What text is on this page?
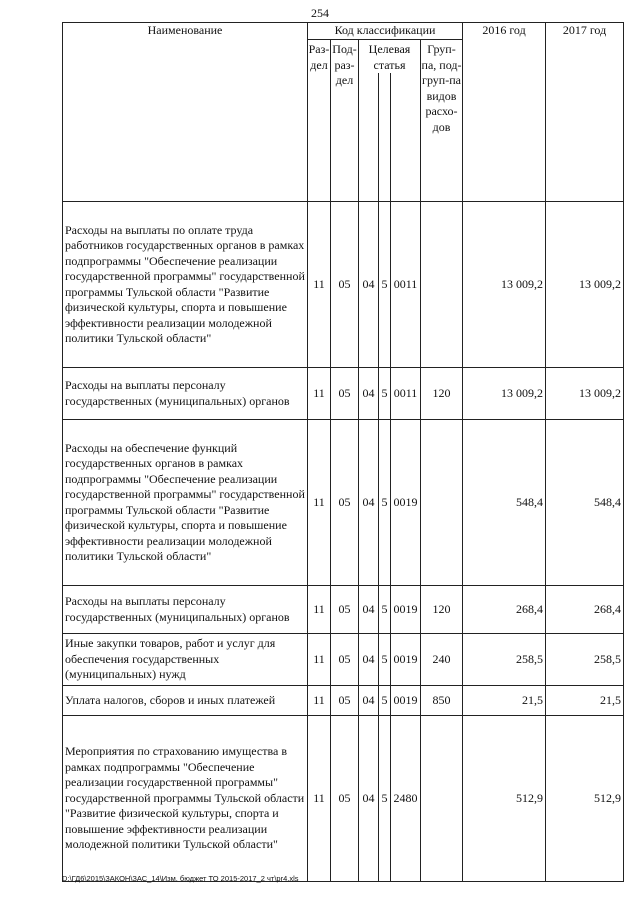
254
Наименование	Код классификации						2016 год	2017 год
	Раз-дел	Под-раз-дел	Целевая статья			Груп-па, под-груп-па видов расхо-дов		

Расходы на выплаты по оплате труда работников государственных органов в рамках подпрограммы "Обеспечение реализации государственной программы" государственной программы Тульской области "Развитие физической культуры, спорта и повышение эффективности реализации молодежной политики Тульской области"	11	05	04	5	0011		13 009,2	13 009,2
Расходы на выплаты персоналу государственных (муниципальных) органов	11	05	04	5	0011	120	13 009,2	13 009,2
Расходы на обеспечение функций государственных органов в рамках подпрограммы "Обеспечение реализации государственной программы" государственной программы Тульской области "Развитие физической культуры, спорта и повышение эффективности реализации молодежной политики Тульской области"	11	05	04	5	0019		548,4	548,4
Расходы на выплаты персоналу государственных (муниципальных) органов	11	05	04	5	0019	120	268,4	268,4
Иные закупки товаров, работ и услуг для обеспечения государственных (муниципальных) нужд	11	05	04	5	0019	240	258,5	258,5
Уплата налогов, сборов и иных платежей	11	05	04	5	0019	850	21,5	21,5
Мероприятия по страхованию имущества в рамках подпрограммы "Обеспечение реализации государственной программы" государственной программы Тульской области "Развитие физической культуры, спорта и повышение эффективности реализации молодежной политики Тульской области"	11	05	04	5	2480		512,9	512,9
D:\ГД6\2015\ЗАКОН\ЗАС_14\Изм. бюджет ТО 2015-2017_2 чт\pr4.xls
